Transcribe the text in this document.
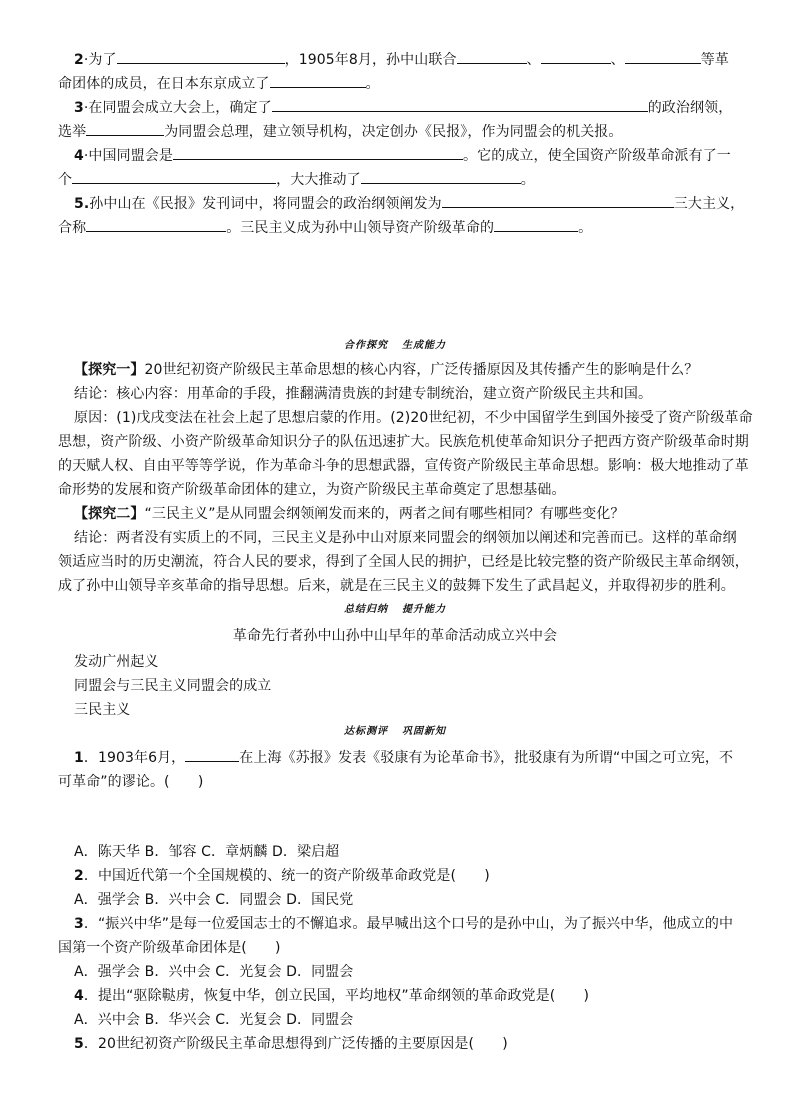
2·为了	，1905年8月，孙中山联合	、	、	等革
命团体的成员，在日本东京成立了	。
3·在同盟会成立大会上，确定了	的政治纲领，
选举	为同盟会总理，建立领导机构，决定创办《民报》，作为同盟会的机关报。
4·中国同盟会是	。它的成立，使全国资产阶级革命派有了一
个	，大大推动了	。
5.孙中山在《民报》发刊词中，将同盟会的政治纲领阐发为	三大主义，
合称	。三民主义成为孙中山领导资产阶级革命的	。
合作探究 生成能力
【探究一】20世纪初资产阶级民主革命思想的核心内容，广泛传播原因及其传播产生的影响是什么？
结论：核心内容：用革命的手段，推翻满清贵族的封建专制统治，建立资产阶级民主共和国。
原因：(1)戊戌变法在社会上起了思想启蒙的作用。(2)20世纪初，不少中国留学生到国外接受了资产阶级革命
思想，资产阶级、小资产阶级革命知识分子的队伍迅速扩大。民族危机使革命知识分子把西方资产阶级革命时期
的天赋人权、自由平等等学说，作为革命斗争的思想武器，宣传资产阶级民主革命思想。影响：极大地推动了革
命形势的发展和资产阶级革命团体的建立，为资产阶级民主革命奠定了思想基础。
【探究二】“三民主义”是从同盟会纲领阐发而来的，两者之间有哪些相同？有哪些变化？
结论：两者没有实质上的不同，三民主义是孙中山对原来同盟会的纲领加以阐述和完善而已。这样的革命纲
领适应当时的历史潮流，符合人民的要求，得到了全国人民的拥护，已经是比较完整的资产阶级民主革命纲领，
成了孙中山领导辛亥革命的指导思想。后来，就是在三民主义的鼓舞下发生了武昌起义，并取得初步的胜利。
总结归纳 提升能力
革命先行者孙中山孙中山早年的革命活动成立兴中会
发动广州起义
同盟会与三民主义同盟会的成立
三民主义
达标测评 巩固新知
1．1903年6月，	在上海《苏报》发表《驳康有为论革命书》，批驳康有为所谓“中国之可立宪，不
可革命”的谬论。(　　)
A．陈天华 B．邹容 C．章炳麟 D．梁启超
2．中国近代第一个全国规模的、统一的资产阶级革命政党是(　　)
A．强学会 B．兴中会 C．同盟会 D．国民党
3．“振兴中华”是每一位爱国志士的不懈追求。最早喊出这个口号的是孙中山，为了振兴中华，他成立的中
国第一个资产阶级革命团体是(　　)
A．强学会 B．兴中会 C．光复会 D．同盟会
4．提出“驱除鞑虏，恢复中华，创立民国，平均地权”革命纲领的革命政党是(　　)
A．兴中会 B．华兴会 C．光复会 D．同盟会
5．20世纪初资产阶级民主革命思想得到广泛传播的主要原因是(　　)
